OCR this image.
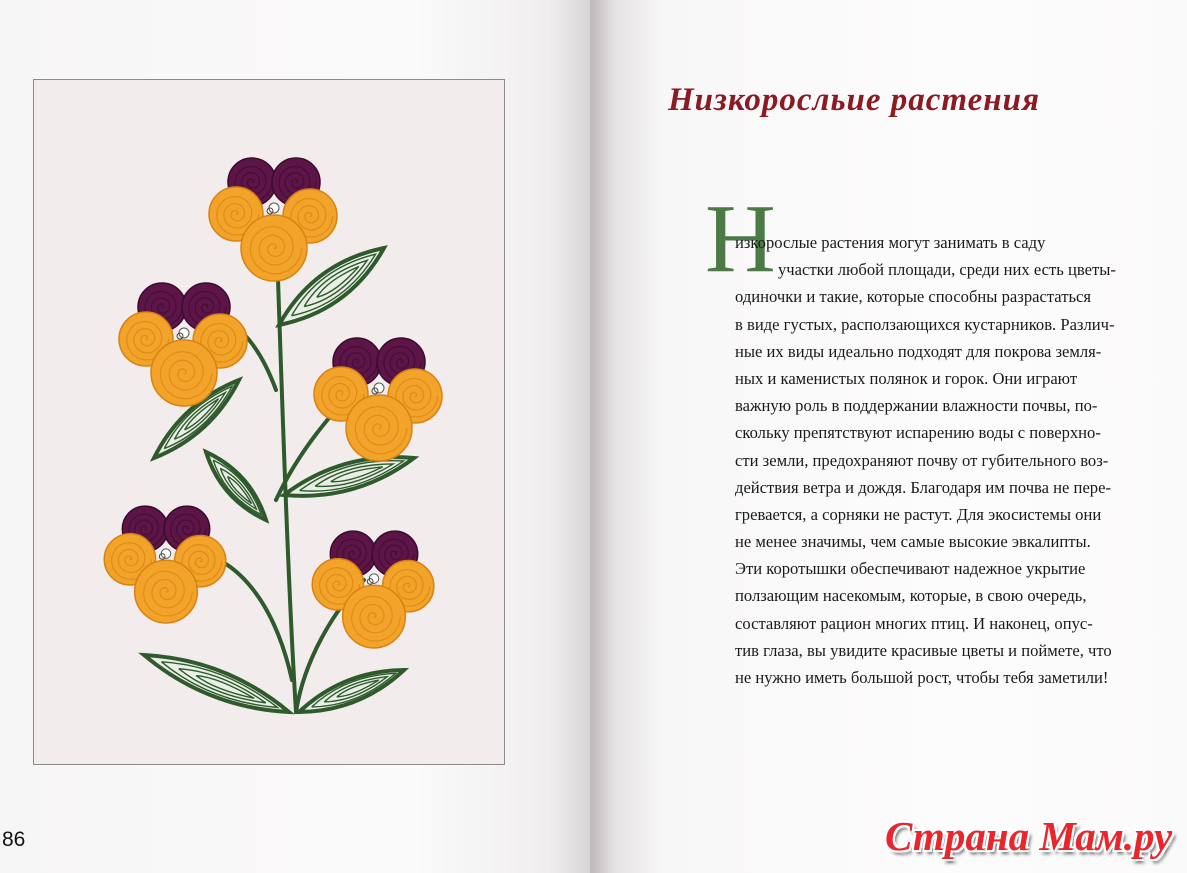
86
Низкоросльие растения
Н
изкорослые растения могут занимать в саду
участки любой площади, среди них есть цветы-
одиночки и такие, которые способны разрастаться
в виде густых, расползающихся кустарников. Различ-
ные их виды идеально подходят для покрова земля-
ных и каменистых полянок и горок. Они играют
важную роль в поддержании влажности почвы, по-
скольку препятствуют испарению воды с поверхно-
сти земли, предохраняют почву от губительного воз-
действия ветра и дождя. Благодаря им почва не пере-
гревается, а сорняки не растут. Для экосистемы они
не менее значимы, чем самые высокие эвкалипты.
Эти коротышки обеспечивают надежное укрытие
ползающим насекомым, которые, в свою очередь,
составляют рацион многих птиц. И наконец, опус-
тив глаза, вы увидите красивые цветы и поймете, что
не нужно иметь большой рост, чтобы тебя заметили!
Страна Мам.ру
